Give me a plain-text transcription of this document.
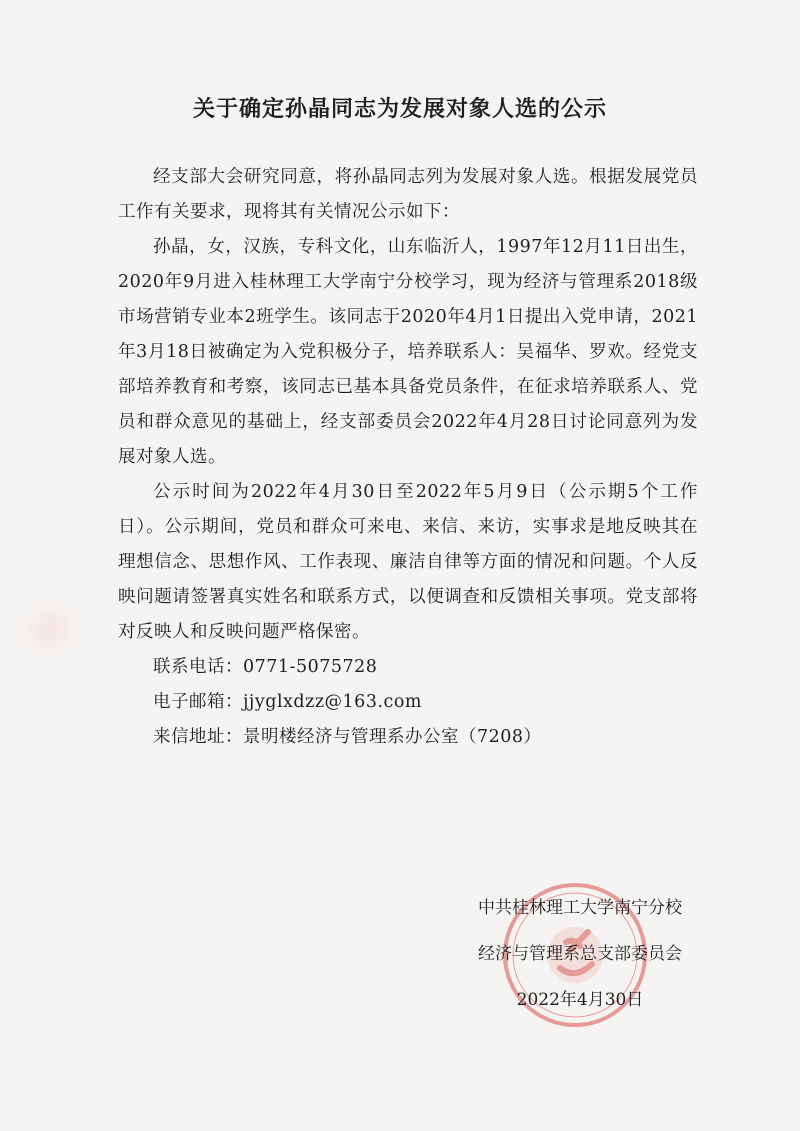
关于确定孙晶同志为发展对象人选的公示

经支部大会研究同意，将孙晶同志列为发展对象人选。根据发展党员工作有关要求，现将其有关情况公示如下：

孙晶，女，汉族，专科文化，山东临沂人，1997年12月11日出生，2020年9月进入桂林理工大学南宁分校学习，现为经济与管理系2018级市场营销专业本2班学生。该同志于2020年4月1日提出入党申请，2021年3月18日被确定为入党积极分子，培养联系人：吴福华、罗欢。经党支部培养教育和考察，该同志已基本具备党员条件，在征求培养联系人、党员和群众意见的基础上，经支部委员会2022年4月28日讨论同意列为发展对象人选。

公示时间为2022年4月30日至2022年5月9日（公示期5个工作日）。公示期间，党员和群众可来电、来信、来访，实事求是地反映其在理想信念、思想作风、工作表现、廉洁自律等方面的情况和问题。个人反映问题请签署真实姓名和联系方式，以便调查和反馈相关事项。党支部将对反映人和反映问题严格保密。

联系电话：0771-5075728

电子邮箱：jjyglxdzz@163.com

来信地址：景明楼经济与管理系办公室（7208）

中共桂林理工大学南宁分校
经济与管理系总支部委员会
2022年4月30日
